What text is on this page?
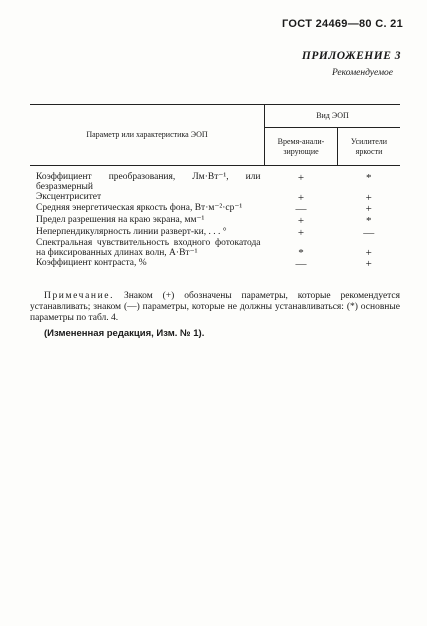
ГОСТ 24469—80 С. 21
ПРИЛОЖЕНИЕ 3
Рекомендуемое
Параметр или характеристика ЭОП	Вид ЭОП	
	Время-анали-зирующие	Усилители яркости

Коэффициент преобразования, Лм·Вт⁻¹, или безразмерный	+	*
Эксцентриситет	+	+
Средняя энергетическая яркость фона, Вт·м⁻²·ср⁻¹	—	+
Предел разрешения на краю экрана, мм⁻¹	+	*
Неперпендикулярность линии разверт-ки, . . . °	+	—
Спектральная чувствительность входного фотокатода на фиксированных длинах волн, А·Вт⁻¹	*	+
Коэффициент контраста, %	—	+
Примечание. Знаком (+) обозначены параметры, которые рекомендуется устанавливать; знаком (—) параметры, которые не должны устанавливаться: (*) основные параметры по табл. 4.
(Измененная редакция, Изм. № 1).
